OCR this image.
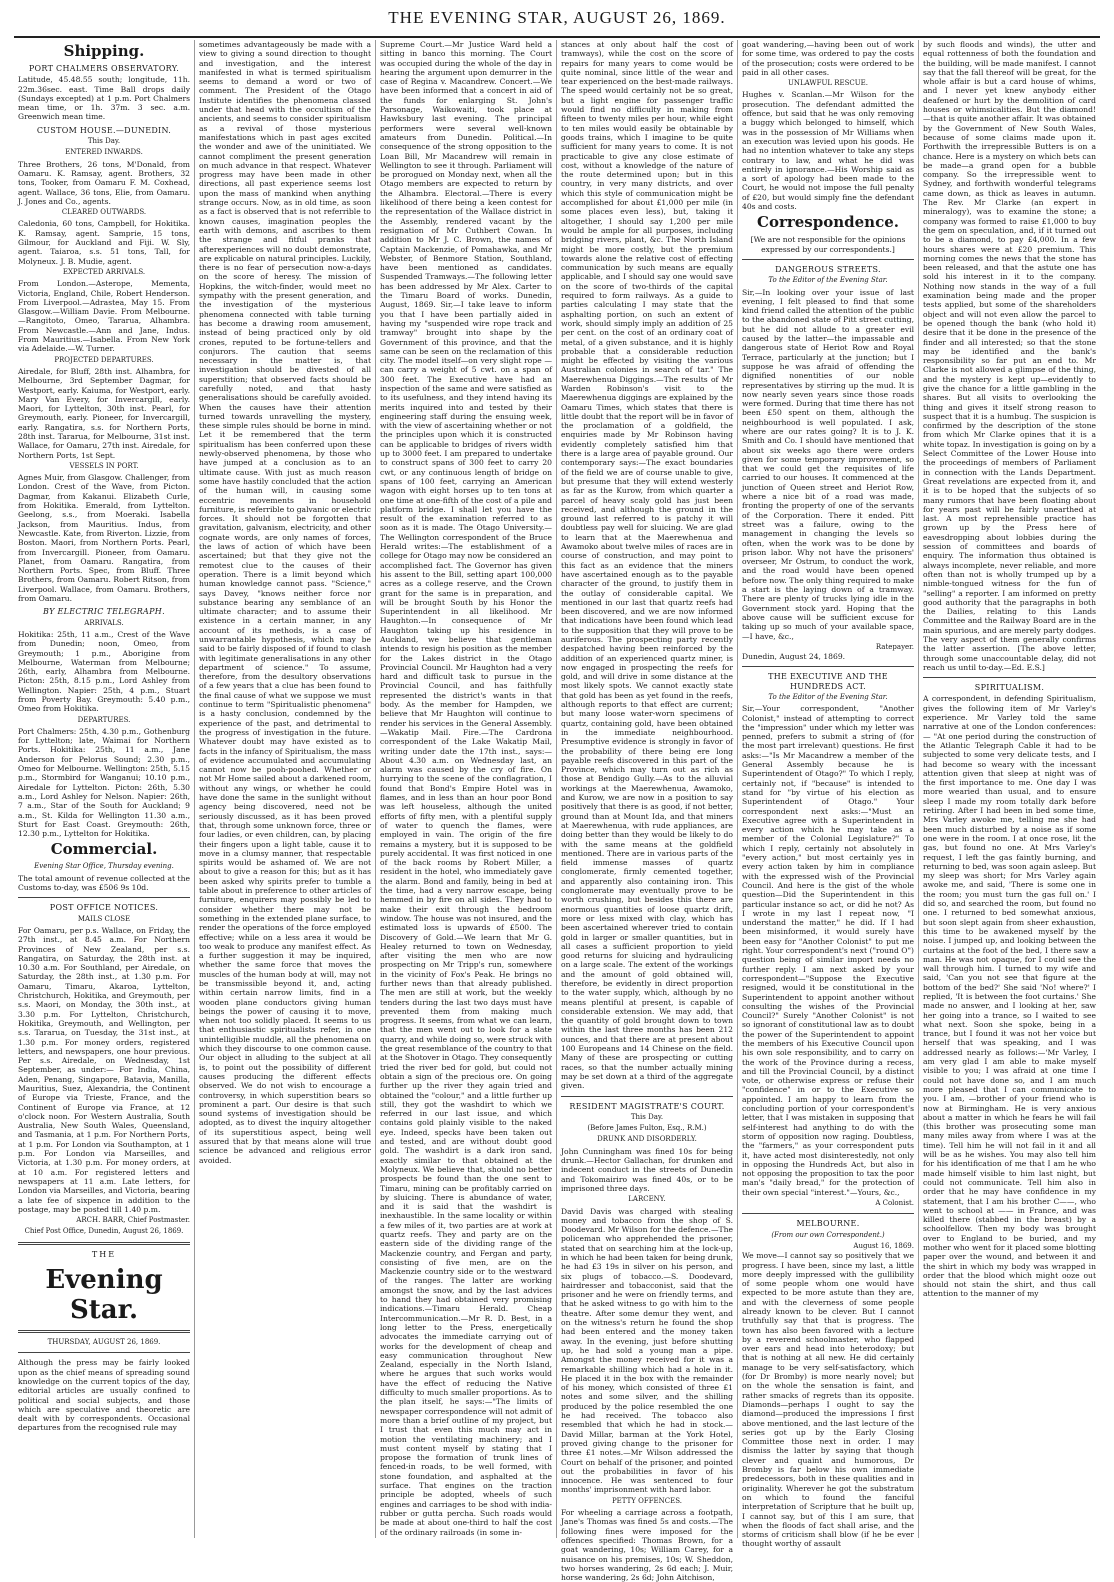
THE EVENING STAR, AUGUST 26, 1869.
Shipping.
PORT CHALMERS OBSERVATORY.

Latitude, 45.48.55 south; longitude, 11h. 22m.36sec. east. Time Ball drops daily (Sundays excepted) at 1 p.m. Port Chalmers mean time, or 1h. 37m. 3 sec. a.m. Greenwich mean time.

CUSTOM HOUSE.—DUNEDIN.
This Day.
ENTERED INWARDS.

Three Brothers, 26 tons, M'Donald, from Oamaru. K. Ramsay, agent. Brothers, 32 tons, Tooker, from Oamaru F. M. Coxhead, agent. Wallace, 36 tons, Elie, from Oamaru. J. Jones and Co., agents.

CLEARED OUTWARDS.

Caledonia, 60 tons, Campbell, for Hokitika. K. Ramsay, agent. Samprie, 15 tons, Gilmour, for Auckland and Fiji. W. Sly, agent. Taiaroa, s.s. 51 tons, Tall, for Molyneux. J. B. Mudie, agent.

EXPECTED ARRIVALS.

From London.—Asterope, Mementa, Victoria, England, Chile, Robert Henderson. From Liverpool.—Adrastea, May 15. From Glasgow.—William Davie. From Melbourne.—Rangitoto, Omeo, Tararua, Alhambra. From Newcastle.—Ann and Jane, Indus. From Mauritius.—Isabella. From New York via Adelaide.—W. Turner.

PROJECTED DEPARTURES.

Airedale, for Bluff, 28th inst. Alhambra, for Melbourne, 3rd September Dagmar, for Westport, early. Kaiuma, for Westport, early. Mary Van Every, for Invercargill, early. Maori, for Lyttelton, 30th inst. Pearl, for Greymouth, early. Pioneer, for Invercargill, early. Rangatira, s.s. for Northern Ports, 28th inst. Tararua, for Melbourne, 31st inst. Wallace, for Oamaru, 27th inst. Airedale, for Northern Ports, 1st Sept.

VESSELS IN PORT.

Agnes Muir, from Glasgow. Challenger, from London. Crest of the Wave, from Picton. Dagmar, from Kakanui. Elizabeth Curle, from Hokitika. Emerald, from Lyttelton. Geelong, s.s., from Moeraki. Isabella Jackson, from Mauritius. Indus, from Newcastle. Kate, from Riverton. Lizzie, from Boston. Maori, from Northern Ports. Pearl, from Invercargill. Pioneer, from Oamaru. Planet, from Oamaru. Rangatira, from Northern Ports. Spec, from Bluff. Three Brothers, from Oamaru. Robert Ritson, from Liverpool. Wallace, from Oamaru. Brothers, from Oamaru.

BY ELECTRIC TELEGRAPH.
ARRIVALS.

Hokitika: 25th, 11 a.m., Crest of the Wave from Dunedin; noon, Omeo, from Greymouth; 1 p.m., Aborigine from Melbourne, Waterman from Melbourne; 26th, early, Alhambra from Melbourne. Picton: 25th, 8.15 p.m., Lord Ashley from Wellington. Napier: 25th, 4 p.m., Stuart from Poverty Bay. Greymouth: 5.40 p.m., Omeo from Hokitika.

DEPARTURES.

Port Chalmers: 25th, 4.30 p.m., Gothenburg for Lyttelton; late, Waimai for Northern Ports. Hokitika: 25th, 11 a.m., Jane Anderson for Pelorus Sound; 2.30 p.m., Omeo for Melbourne. Wellington: 25th, 5.15 p.m., Stormbird for Wanganui; 10.10 p.m., Airedale for Lyttelton. Picton: 26th, 5.30 a.m., Lord Ashley for Nelson. Napier: 26th, 7 a.m., Star of the South for Auckland; 9 a.m., St. Kilda for Wellington 11.30 a.m., Sturt for East Coast. Greymouth: 26th, 12.30 p.m., Lyttelton for Hokitika.

Commercial.
Evening Star Office, Thursday evening.

The total amount of revenue collected at the Customs to-day, was £506 9s 10d.

POST OFFICE NOTICES.
MAILS CLOSE

For Oamaru, per p.s. Wallace, on Friday, the 27th inst., at 8.45 a.m. For Northern Provinces of New Zealand, per s.s. Rangatira, on Saturday, the 28th inst. at 10.30 a.m. For Southland, per Airedale, on Saturday, the 28th inst., at 1.30 p.m. For Oamaru, Timaru, Akaroa, Lyttelton, Christchurch, Hokitika, and Greymouth, per s.s. Maori, on Monday, the 30th inst., at 3.30 p.m. For Lyttelton, Christchurch, Hokitika, Greymouth, and Wellington, per s.s. Tararua, on Tuesday, the 31st inst., at 1.30 p.m. For money orders, registered letters, and newspapers, one hour previous. Per s.s. Airedale, on Wednesday, 1st September, as under:— For India, China, Aden, Penang, Singapore, Batavia, Manilla, Mauritius, Suez, Alexandria, the Continent of Europe via Trieste, France, and the Continent of Europe via France, at 12 o'clock noon. For Western Australia, South Australia, New South Wales, Queensland, and Tasmania, at 1 p.m. For Northern Ports, at 1 p.m. For London via Southampton, at 1 p.m. For London via Marseilles, and Victoria, at 1.30 p.m. For money orders, at at 10 a.m. For registered letters and newspapers at 11 a.m. Late letters, for London via Marseilles, and Victoria, bearing a late fee of sixpence in addition to the postage, may be posted till 1.40 p.m.

ARCH. BARR, Chief Postmaster.
Chief Post Office, Dunedin, August 26, 1869.
THE
Evening Star.
THURSDAY, AUGUST 26, 1869.

Although the press may be fairly looked upon as the chief means of spreading sound knowledge on the current topics of the day, editorial articles are usually confined to political and social subjects, and those which are speculative and theoretic are dealt with by correspondents. Occasional departures from the recognised rule may

sometimes advantageously be made with a view to giving a sound direction to thought and investigation, and the interest manifested in what is termed spiritualism seems to demand a word or two of comment. The President of the Otago Institute identifies the phenomena classed under that head with the occultism of the ancients, and seems to consider spiritualism as a revival of those mysterious manifestations which in past ages excited the wonder and awe of the uninitiated. We cannot compliment the present generation on much advance in that respect. Whatever progress may have been made in other directions, all past experience seems lost upon the mass of mankind when anything strange occurs. Now, as in old time, as soon as a fact is observed that is not referrible to known causes, imagination peoples the earth with demons, and ascribes to them the strange and fitful pranks that afterexperiences will no doubt demonstrate, are explicable on natural principles. Luckily, there is no fear of persecution now-a-days on the score of heresy. The mission of Hopkins, the witch-finder, would meet no sympathy with the present generation, and the investigation of the mysterious phenomena connected with table turning has become a drawing room amusement, instead of being practiced only by old crones, reputed to be fortune-tellers and conjurors. The caution that seems necessary in the matter is, that investigation should be divested of all superstition; that observed facts should be carefully noted, and that hasty generalisations should be carefully avoided. When the causes have their attention turned towards unravelling the mystery, these simple rules should be borne in mind. Let it be remembered that the term spiritualism has been conferred upon these newly-observed phenomena, by those who have jumped at a conclusion as to an ultimate cause. With just as much reason some have hastily concluded that the action of the human will, in causing some eccentric movements in household furniture, is referrible to galvanic or electric forces. It should not be forgotten that gravitation, galvanism, electricity, and other cognate words, are only names of forces, the laws of action of which have been ascertained; but that they give not the remotest clue to the causes of their operation. There is a limit beyond which human knowledge cannot pass. "Science," says Davey, "knows neither force nor substance bearing any semblance of an ultimate character; and to assume their existence in a certain manner, in any account of its methods, is a case of unwarrantable hypothesis, which may be said to be fairly disposed of if found to clash with legitimate generalisations in any other department of science." To assume, therefore, from the desultory observations of a few years that a clue has been found to the final cause of what we suppose we must continue to term "Spiritualistic phenomena" is a hasty conclusion, condemned by the experience of the past, and detrimental to the progress of investigation in the future. Whatever doubt may have existed as to facts in the infancy of Spiritualism, the mass of evidence accumulated and accumulating cannot now be pooh-poohed. Whether or not Mr Home sailed about a darkened room, without any wings, or whether he could have done the same in the sunlight without agency being discovered, need not be seriously discussed, as it has been proved that, through some unknown force, three or four ladies, or even children, can, by placing their fingers upon a light table, cause it to move in a clumsy manner, that respectable spirits would be ashamed of. We are not about to give a reason for this; but as it has been asked why spirits prefer to tumble a table about in preference to other articles of furniture, enquirers may possibly be led to consider whether there may not be something in the extended plane surface, to render the operations of the force employed effective; while on a less area it would be too weak to produce any manifest effect. As a further suggestion it may be inquired, whether the same force that moves the muscles of the human body at will, may not be transmissible beyond it, and, acting within certain narrow limits, find in a wooden plane conductors giving human beings the power of causing it to move, when not too solidly placed. It seems to us that enthusiastic spiritualists refer, in one unintelligible muddle, all the phenomena on which they discourse to one common cause. Our object in alluding to the subject at all is, to point out the possibility of different causes producing the different effects observed. We do not wish to encourage a controversy, in which superstition bears so prominent a part. Our desire is that such sound systems of investigation should be adopted, as to divest the inquiry altogether of its superstitious aspect, being well assured that by that means alone will true science be advanced and religious error avoided.

Supreme Court.—Mr Justice Ward held a sitting in banco this morning. The Court was occupied during the whole of the day in hearing the argument upon demurrer in the case of Regina v. Macandrew. Concert.—We have been informed that a concert in aid of the funds for enlarging St. John's Parsonage, Waikowaiti, took place at Hawksbury last evening. The principal performers were several well-known amateurs from Dunedin. Political.—In consequence of the strong opposition to the Loan Bill, Mr Macandrew will remain in Wellington to see it through. Parliament will be prorogued on Monday next, when all the Otago members are expected to return by the Alhambra. Electoral.—There is every likelihood of there being a keen contest for the representation of the Wallace district in the Assembly, rendered vacant by the resignation of Mr Cuthbert Cowan. In addition to Mr J. C. Brown, the names of Captain Mackenzie, of Pomahawka, and Mr Webster, of Benmore Station, Southland, have been mentioned as candidates. Suspended Tramways.—The following letter has been addressed by Mr Alex. Carter to the Timaru Board of works. Dunedin, August, 1869. Sir,—I take leave to inform you that I have been partially aided in having my "suspended wire rope track and tramway" brought into shape by the Government of this province, and that the same can be seen on the reclamation of this city. The model itself—on very slight rope —can carry a weight of 5 cwt. on a span of 300 feet. The Executive have had an inspection of the same and were satisfied as to its usefulness, and they intend having its merits inquired into and tested by their engineering staff during the ensuing week, with the view of ascertaining whether or not the principles upon which it is constructed can be applicable to bridges of rivers width up to 3000 feet. I am prepared to undertake to construct spans of 300 feet to carry 20 cwt, or any continuous length of bridge on spans of 100 feet, carrying an American wagon with eight horses up to ten tons at one time at one-fifth of the cost of a pile and platform bridge. I shall let you have the result of the examination referred to as soon as it is made. The Otago University.—The Wellington correspondent of the Bruce Herald writes:—The establishment of a college for Otago may now be considered an accomplished fact. The Governor has given his assent to the Bill, setting apart 100,000 acres as a college reserve, and the Crown grant for the same is in preparation, and will be brought South by his Honor the Superintendent in all likelihood. Mr Haughton.—In consequence of Mr Haughton taking up his residence in Auckland, we believe that gentleman intends to resign his position as the member for the Lakes district in the Otago Provincial Council. Mr Haughton had a very hard and difficult task to pursue in the Provincial Council, and has faithfully represented the district's wants in that body. As the member for Hampden, we believe that Mr Haughton will continue to render his services in the General Assembly.—Wakatip Mail. Fire.—The Cardrona correspondent of the Lake Wakatip Mail, writing under date the 17th inst., says:—About 4.30 a.m. on Wednesday last, an alarm was caused by the cry of fire. On hurrying to the scene of the conflagration, I found that Bond's Empire Hotel was in flames, and in less than an hour poor Bond was left houseless, although the united efforts of fifty men, with a plentiful supply of water to quench the flames, were employed in vain. The origin of the fire remains a mystery, but it is supposed to be purely accidental. It was first noticed in one of the back rooms by Robert Miller, a resident in the hotel, who immediately gave the alarm. Bond and family, being in bed at the time, had a very narrow escape, being hemmed in by fire on all sides. They had to make their exit through the bedroom window. The house was not insured, and the estimated loss is upwards of £500. The Discovery of Gold.—We learn that Mr G. Healey returned to town on Wednesday, after visiting the men who are now prospecting on Mr Tripp's run, somewhere in the vicinity of Fox's Peak. He brings no further news than that already published. The men are still at work, but the weekly tenders during the last two days must have prevented them from making much progress. It seems, from what we can learn, that the men went out to look for a slate quarry, and while doing so, were struck with the great resemblance of the country to that at the Shotover in Otago. They consequently tried the river bed for gold, but could not obtain a sign of the precious ore. On going further up the river they again tried and obtained the "colour," and a little further up still, they got the washdirt to which we referred in our last issue, and which contains gold plainly visible to the naked eye. Indeed, specks have been taken out and tested, and are without doubt good gold. The washdirt is a dark iron sand, exactly similar to that obtained at the Molyneux. We believe that, should no better prospects be found than the one sent to Timaru, mining can be profitably carried on by sluicing. There is abundance of water, and it is said that the washdirt is inexhaustible. In the same locality or within a few miles of it, two parties are at work at quartz reefs. They and party are on the eastern side of the dividing range of the Mackenzie country, and Fergan and party, consisting of five men, are on the Mackenzie country side or to the westward of the ranges. The latter are working amongst the snow, and by the last advices to hand they had obtained very promising indications.—Timaru Herald. Cheap Intercommunication.—Mr R. D. Best, in a long letter to the Press, energetically advocates the immediate carrying out of works for the development of cheap and easy communication throughout New Zealand, especially in the North Island, where he argues that such works would have the effect of reducing the Native difficulty to much smaller proportions. As to the plan itself, he says:—"The limits of newspaper correspondence will not admit of more than a brief outline of my project, but I trust that even this much may act in motion the ventilating machinery; and I must content myself by stating that I propose the formation of trunk lines of fenced-in roads, to be well formed, with stone foundation, and asphalted at the surface. That engines on the traction principle be adopted, wheels of such engines and carriages to be shod with india-rubber or gutta percha. Such roads would be made at about one-third to half the cost of the ordinary railroads (in some in-

stances at only about half the cost of tramways), while the cost on the score of repairs for many years to come would be quite nominal, since little of the wear and tear experienced on the best-made railways. The speed would certainly not be so great, but a light engine for passenger traffic would find no difficulty in making from fifteen to twenty miles per hour, while eight to ten miles would easily be obtainable by goods trains, which I imagine to be quite sufficient for many years to come. It is not practicable to give any close estimate of cost, without a knowledge of the nature of the route determined upon; but in this country, in very many districts, and over which this style of communication might be accomplished for about £1,000 per mile (in some places even less), but, taking it altogether, I should say 1,200 per mile would be ample for all purposes, including bridging rivers, plant, &c. The North Island might be more costly, but the premium towards alone the relative cost of effecting communication by such means are equally applicable, and I should say one would save on the score of two-thirds of the capital required to form railways. As a guide to parties calculating I may state that the asphalting portion, on such an extent of work, should simply imply an addition of 25 per cent. on the cost of an ordinary coat of metal, of a given substance, and it is highly probable that a considerable reduction might be effected by visiting the various Australian colonies in search of tar." The Maerewhenua Diggings.—The results of Mr Warden Robinson's visit to the Maerewhenua diggings are explained by the Oamaru Times, which states that there is little doubt that the report will be in favor of the proclamation of a goldfield, the enquiries made by Mr Robinson having evidently completely satisfied him that there is a large area of payable ground. Our contemporary says:—The exact boundaries of the field we are of course unable to give, but presume that they will extend westerly as far as the Kurow, from which quarter a parcel of heavy scaly gold has just been received, and although the ground in the ground last referred to is patchy it will doubtless pay well for sluicing. We are glad to learn that at the Maerewhenua and Awamoko about twelve miles of races are in course of construction, and may point to this fact as an evidence that the miners have ascertained enough as to the payable character of the ground, to justify them in the outlay of considerable capital. We mentioned in our last that quartz reefs had been discovered, and we are now informed that indications have been found which lead to the supposition that they will prove to be auriferous. The prospecting party recently despatched having been reinforced by the addition of an experienced quartz miner, is now engaged in prospecting the reefs for gold, and will drive in some distance at the most likely spots. We cannot exactly state that gold has been as yet found in the reefs, although reports to that effect are current; but many loose water-worn specimens of quartz, containing gold, have been obtained in the immediate neighbourhood. Presumptive evidence is strongly in favor of the probability of there being ere long payable reefs discovered in this part of the Province, which may turn out as rich as those at Bendigo Gully.—As to the alluvial workings at the Maerewhenua, Awamoko, and Kurow, we are now in a position to say positively that there is as good, if not better, ground than at Mount Ida, and that miners at Maerewhenua, with rude appliances, are doing better than they would be likely to do with the same means at the goldfield mentioned. There are in various parts of the field immense masses of quartz conglomerate, firmly cemented together, and apparently also containing iron. This conglomerate may eventually prove to be worth crushing, but besides this there are enormous quantities of loose quartz drift, more or less mixed with clay, which has been ascertained wherever tried to contain gold in larger or smaller quantities, but in all cases a sufficient proportion to yield good returns for sluicing and hydraulicing on a large scale. The extent of the workings and the amount of gold obtained will, therefore, be evidently in direct proportion to the water supply, which, although by no means plentiful at present, is capable of considerable extension. We may add, that the quantity of gold brought down to town within the last three months has been 212 ounces, and that there are at present about 100 Europeans and 14 Chinese on the field. Many of these are prospecting or cutting races, so that the number actually mining may be set down at a third of the aggregate given.

RESIDENT MAGISTRATE'S COURT.
This Day.
(Before James Fulton, Esq., R.M.)
DRUNK AND DISORDERLY.

John Cunningham was fined 10s for being drunk.—Hector Gallachan, for drunken and indecent conduct in the streets of Dunedin and Tokomairiro was fined 40s, or to be imprisoned three days.

LARCENY.

David Davis was charged with stealing money and tobacco from the shop of S. Doodevard. Mr Wilson for the defence.—The policeman who apprehended the prisoner, stated that on searching him at the lock-up, in which he had been taken for being drunk, he had £3 19s in silver on his person, and six plugs of tobacco.—S. Doodevard, hairdresser and tobacconist, said that the prisoner and he were on friendly terms, and that he asked witness to go with him to the theatre. After some demur they went, and on the witness's return he found the shop had been entered and the money taken away. In the evening, just before shutting up, he had sold a young man a pipe. Amongst the money received for it was a remarkable shilling which had a hole in it. He placed it in the box with the remainder of his money, which consisted of three £1 notes and some silver, and the shilling produced by the police resembled the one he had received. The tobacco also resembled that which he had in stock.—David Millar, barman at the York Hotel, proved giving change to the prisoner for three £1 notes.—Mr Wilson addressed the Court on behalf of the prisoner, and pointed out the probabilities in favor of his innocence. He was sentenced to four months' imprisonment with hard labor.

PETTY OFFENCES.

For wheeling a carriage across a footpath, Jane's Thomas was fined 5s and costs.—The following fines were imposed for the offences specified: Thomas Brown, for a goat wandering, 10s; William Carey, for a nuisance on his premises, 10s; W. Sheddon, two horses wandering, 2s 6d each; J. Muir, horse wandering, 2s 6d; John Aitchison,

goat wandering,—having been out of work for some time, was ordered to pay the costs of the prosecution; costs were ordered to be paid in all other cases.

UNLAWFUL RESCUE.

Hughes v. Scanlan.—Mr Wilson for the prosecution. The defendant admitted the offence, but said that he was only removing a buggy which belonged to himself, which was in the possession of Mr Williams when an execution was levied upon his goods. He had no intention whatever to take any steps contrary to law, and what he did was entirely in ignorance.—His Worship said as a sort of apology had been made to the Court, he would not impose the full penalty of £20, but would simply fine the defendant 40s and costs.

Correspondence.

[We are not responsible for the opinions expressed by our correspondents.]

DANGEROUS STREETS.
To the Editor of the Evening Star.

Sir,—In looking over your issue of last evening, I felt pleased to find that some kind friend called the attention of the public to the abandoned state of Pitt street cutting, but he did not allude to a greater evil caused by the latter—the impassable and dangerous state of Heriot Row and Royal Terrace, particularly at the junction; but I suppose he was afraid of offending the dignified nonentities of our noble representatives by stirring up the mud. It is now nearly seven years since those roads were formed. During that time there has not been £50 spent on them, although the neighbourhood is well populated. I ask, where are our rates going? It is to J. K. Smith and Co. I should have mentioned that about six weeks ago there were orders given for some temporary improvement, so that we could get the requisites of life carried to our houses. It commenced at the junction of Queen street and Heriot Row, where a nice bit of a road was made, fronting the property of one of the servants of the Corporation. There it ended. Pitt street was a failure, owing to the management in changing the levels so often, when the work was to be done by prison labor. Why not have the prisoners' overseer, Mr Ostrum, to conduct the work, and the road would have been opened before now. The only thing required to make a start is the laying down of a tramway. There are plenty of trucks lying idle in the Government stock yard. Hoping that the above cause will be sufficient excuse for taking up so much of your available space,—I have, &c.,

Ratepayer.

Dunedin, August 24, 1869.

THE EXECUTIVE AND THE HUNDREDS ACT.
To the Editor of the Evening Star.

Sir,—Your correspondent, "Another Colonist," instead of attempting to correct the "impression" under which my letter was penned, prefers to submit a string of (for the most part irrelevant) questions. He first asks:—"Is Mr Macandrew a member of the General Assembly because he is Superintendent of Otago?" To which I reply, certainly not, if "because" is intended to stand for "by virtue of his election as Superintendent of Otago." Your correspondent next asks:—"Must an Executive agree with a Superintendent in every action which he may take as a member of the Colonial Legislature?" To which I reply, certainly not absolutely in "every action," but most certainly yes in every action taken by him in compliance with the expressed wish of the Provincial Council. And here is the gist of the whole question—Did the Superintendent in this particular instance so act, or did he not? As I wrote in my last I repeat now, "I understand the matter," he did. If I had been misinformed, it would surely have been easy for "Another Colonist" to put me right. Your correspondent's next ("round O") question being of similar import needs no further reply. I am next asked by your correspondent—"Suppose the Executive resigned, would it be constitutional in the Superintendent to appoint another without consulting the wishes of the Provincial Council?" Surely "Another Colonist" is not so ignorant of constitutional law as to doubt the power of the Superintendent to appoint the members of his Executive Council upon his own sole responsibility, and to carry on the work of the Province during a recess, and till the Provincial Council, by a distinct vote, or otherwise express or refuse their "confidence" in or to the Executive so appointed. I am happy to learn from the concluding portion of your correspondent's letter, that I was mistaken in supposing that self-interest had anything to do with the storm of opposition now raging. Doubtless, the "farmers," as your correspondent puts it, have acted most disinterestedly, not only in opposing the Hundreds Act, but also in not opposing the proposition to tax the poor man's "daily bread," for the protection of their own special "interest."—Yours, &c.,

A Colonist.
MELBOURNE.
(From our own Correspondent.)
August 16, 1869.

We move—I cannot say so positively that we progress. I have been, since my last, a little more deeply impressed with the gullibility of some people whom one would have expected to be more astute than they are, and with the cleverness of some people already known to be clever. But I cannot truthfully say that that is progress. The town has also been favored with a lecture by a reverend schoolmaster, who flapped over ears and head into heterodoxy; but that is nothing at all new. He did certainly manage to be very self-satisfactory, which (for Dr Bromby) is more nearly novel; but on the whole the sensation is faint, and rather smacks of regrets than its opposite. Diamonds—perhaps I ought to say the diamond—produced the impressions I first above mentioned, and the last lecture of the series got up by the Early Closing Committee those next in order. I may dismiss the latter by saying that though clever and quaint and humorous, Dr Bromby is far below his own immediate predecessors, both in these qualities and in originality. Wherever he got the substratum on which to found the fanciful interpretation of Scripture that he built up, I cannot say, but of this I am sure, that when the floods of fact shall arise, and the storms of criticism shall blow (if he be ever thought worthy of assault

by such floods and winds), the utter and equal rottenness of both the foundation and the building, will be made manifest. I cannot say that the fall thereof will be great, for the whole affair is but a card house of whims, and I never yet knew anybody either deafened or hurt by the demolition of card houses or whimsicalities. But the diamond!—that is quite another affair. It was obtained by the Government of New South Wales, because of some claims made upon it. Forthwith the irrepressible Butters is on a chance. Here is a mystery on which bets can be made—a grand open for a bubble company. So the irrepressible went to Sydney, and forthwith wonderful telegrams came down, as thick as leaves in autumn. The Rev. Mr Clarke (an expert in mineralogy), was to examine the stone; a company was formed to raise £1,000 to buy the gem on speculation, and, if it turned out to be a diamond, to pay £4,000. In a few hours shares were at £20 premium. This morning comes the news that the stone has been released, and that the astute one has sold his interest in it to the company. Nothing now stands in the way of a full examination being made and the proper tests applied, but some of the shareholders object and will not even allow the parcel to be opened though the bank (who hold it) desire that it be done in the presence of the finder and all interested; so that the stone may be identified and the bank's responsibility so far put an end to. Mr Clarke is not allowed a glimpse of the thing, and the mystery is kept up—evidently to give the chance for a little gambling in the shares. But all visits to overlooking the thing and gives it itself strong reason to suspect that it is a humbug. The suspicion is confirmed by the description of the stone from which Mr Clarke opines that it is a white topaz. In investigation is going on by a Select Committee of the Lower House into the proceedings of members of Parliament in connection with the Lands Department. Great revelations are expected from it, and it is to be hoped that the subjects of so many rumors that have been floating about for years past will be fairly unearthed at last. A most reprehensible practice has grown up by the Press here of eavesdropping about lobbies during the session of committees and boards of enquiry. The information thus obtained is always incomplete, never reliable, and more often than not is wholly trumped up by a nimble-tongued witness for the fun of "selling" a reporter. I am informed on pretty good authority that the paragraphs in both the Dailies, relating to this Lands Committee and the Railway Board are in the main spurious, and are merely party dodges. The very aspect of them generally confirms the latter assertion. [The above letter, through some unaccountable delay, did not reach us until to-day.—Ed. E.S.]

SPIRITUALISM.

A correspondent, in defending Spiritualism, gives the following item of Mr Varley's experience. Mr Varley told the same narrative at one of the London conferences:— "At one period during the construction of the Atlantic Telegraph Cable it had to be subjected to some very delicate tests, and I had become so weary with the incessant attention given that sleep at night was of the first importance to me. One day I was more wearied than usual, and to ensure sleep I made my room totally dark before retiring. After I had been in bed some time, Mrs Varley awoke me, telling me she had been much disturbed by a noise as if some one were in the room. I at once rose, lit the gas, but found no one. At Mrs Varley's request, I left the gas faintly burning, and returning to bed, was soon again asleep. But my sleep was short; for Mrs Varley again awoke me, and said, 'There is some one in the room; you must turn the gas full on.' I did so, and searched the room, but found no one. I returned to bed somewhat anxious, but soon slept again from sheer exhaustion, this time to be awakened myself by the noise. I jumped up, and looking between the curtains at the foot of the bed, I there saw a man. He was not opaque, for I could see the wall through him. I turned to my wife and said, 'Can you not see that figure at the bottom of the bed?' She said 'No! where?' I replied, 'It is between the foot curtains.' She made no answer, and I looking at her, saw her going into a trance, so I waited to see what next. Soon she spoke, being in a trance, but I found it was not her voice but herself that was speaking, and I was addressed nearly as follows:—'Mr Varley, I am very glad I am able to make myself visible to you; I was afraid at one time I could not have done so, and I am much more pleased that I can communicate to you. I am, —brother of your friend who is now at Birmingham. He is very anxious about a matter in which he fears he will fail (this brother was prosecuting some man many miles away from where I was at the time). Tell him he will not fail in it and all will be as he wishes. You may also tell him for his identification of me that I am he who made himself visible to him last night, but could not communicate. Tell him also in order that he may have confidence in my statement, that I am his brother C——, who went to school at —— in France, and was killed there (stabbed in the breast) by a schoolfellow. Then my body was brought over to England to be buried, and my mother who went for it placed some blotting paper over the wound, and between it and the shirt in which my body was wrapped in order that the blood which might ooze out should not stain the shirt, and thus call attention to the manner of my
